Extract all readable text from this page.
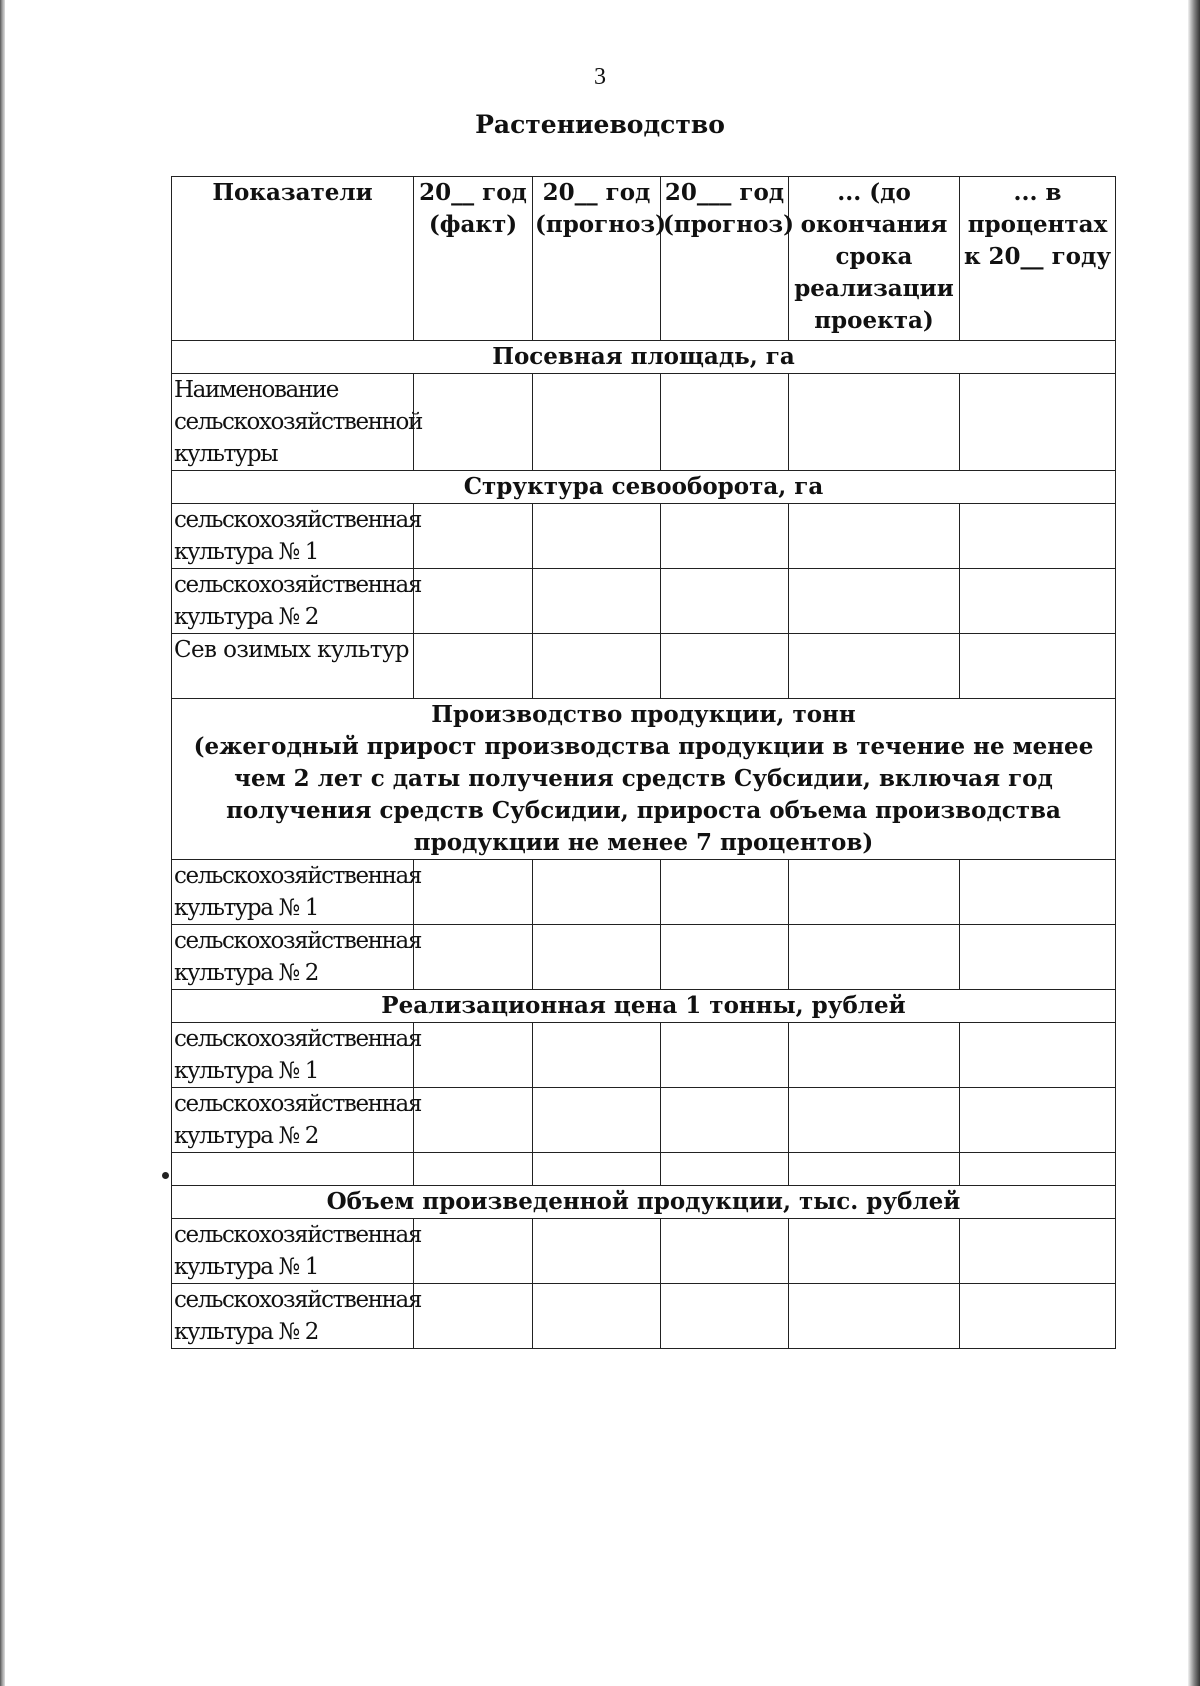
3
Растениеводство
Показатели	20__ год (факт)	20__ год (прогноз)	20___ год (прогноз)	... (до окончания срока реализации проекта)	... в процентах к 20__ году
Посевная площадь, га					
Наименование сельскохозяйственной культуры					
Структура севооборота, га					
сельскохозяйственная культура № 1					
сельскохозяйственная культура № 2					
Сев озимых культур					

Производство продукции, тонн
(ежегодный прирост производства продукции в течение не менее чем 2 лет с даты получения средств Субсидии, включая год получения средств Субсидии, прироста объема производства продукции не менее 7 процентов)					

сельскохозяйственная культура № 1					
сельскохозяйственная культура № 2					
Реализационная цена 1 тонны, рублей					
сельскохозяйственная культура № 1					
сельскохозяйственная культура № 2					

Объем произведенной продукции, тыс. рублей					
сельскохозяйственная культура № 1					
сельскохозяйственная культура № 2					
